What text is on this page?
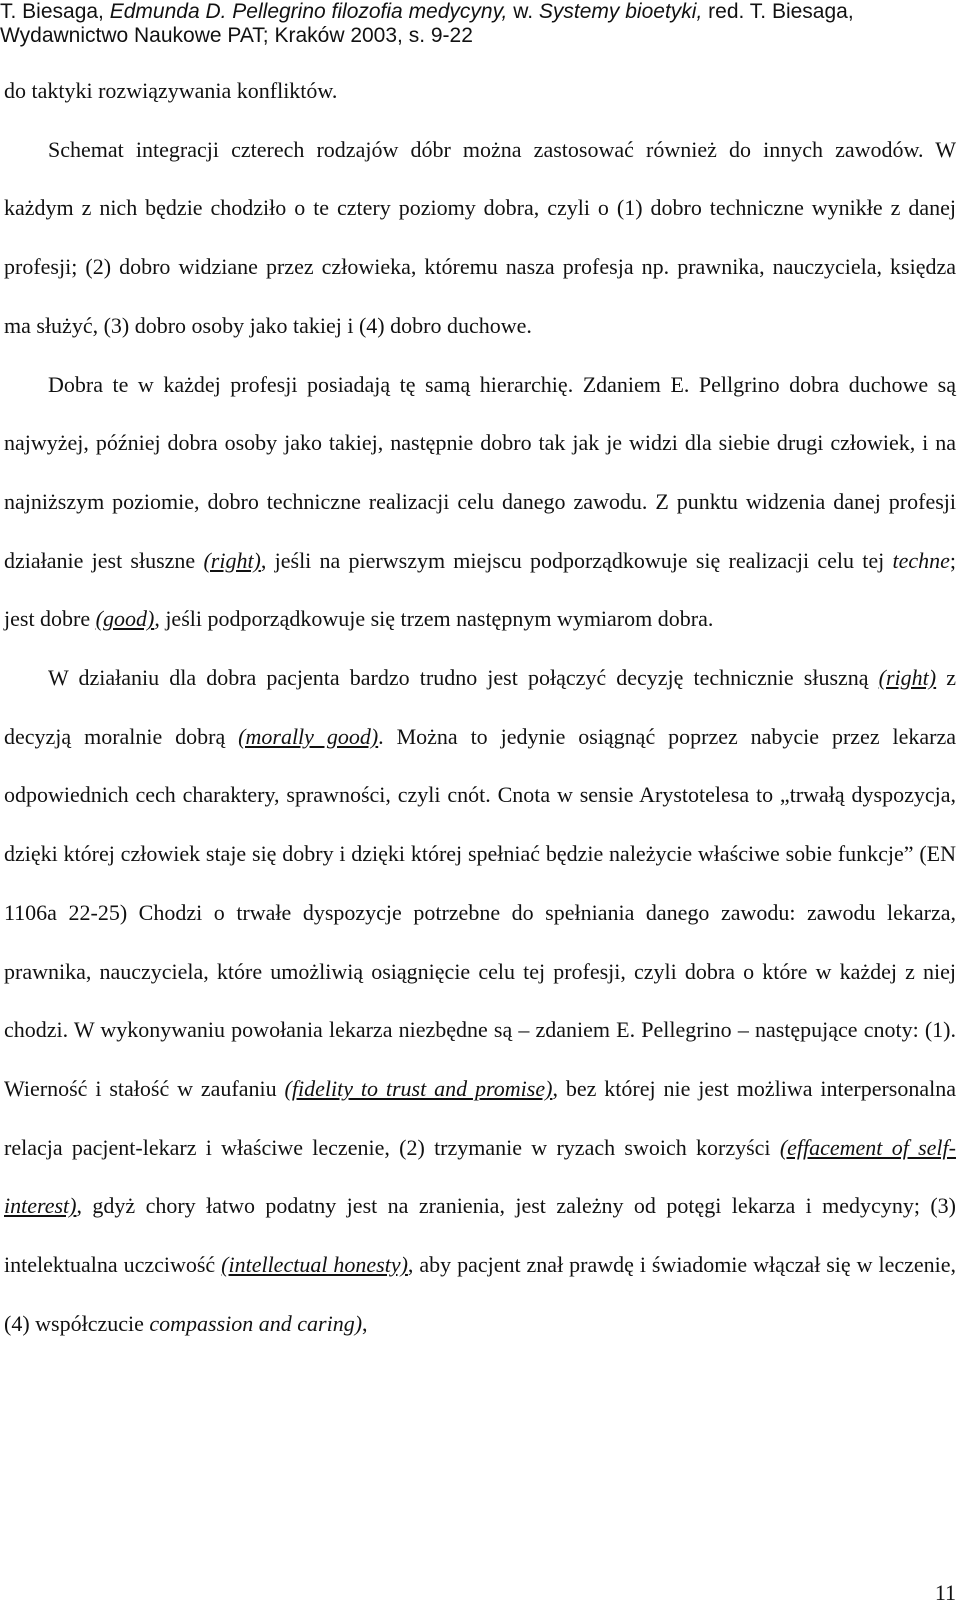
T. Biesaga, Edmunda D. Pellegrino filozofia medycyny, w. Systemy bioetyki, red. T. Biesaga,
Wydawnictwo Naukowe PAT; Kraków 2003, s. 9-22

do taktyki rozwiązywania konfliktów.

Schemat integracji czterech rodzajów dóbr można zastosować również do innych zawodów. W każdym z nich będzie chodziło o te cztery poziomy dobra, czyli o (1) dobro techniczne wynikłe z danej profesji; (2) dobro widziane przez człowieka, któremu nasza profesja np. prawnika, nauczyciela, księdza ma służyć, (3) dobro osoby jako takiej i (4) dobro duchowe.

Dobra te w każdej profesji posiadają tę samą hierarchię. Zdaniem E. Pellgrino dobra duchowe są najwyżej, później dobra osoby jako takiej, następnie dobro tak jak je widzi dla siebie drugi człowiek, i na najniższym poziomie, dobro techniczne realizacji celu danego zawodu. Z punktu widzenia danej profesji działanie jest słuszne (right), jeśli na pierwszym miejscu podporządkowuje się realizacji celu tej techne; jest dobre (good), jeśli podporządkowuje się trzem następnym wymiarom dobra.

W działaniu dla dobra pacjenta bardzo trudno jest połączyć decyzję technicznie słuszną (right) z decyzją moralnie dobrą (morally good). Można to jedynie osiągnąć poprzez nabycie przez lekarza odpowiednich cech charaktery, sprawności, czyli cnót. Cnota w sensie Arystotelesa to „trwałą dyspozycja, dzięki której człowiek staje się dobry i dzięki której spełniać będzie należycie właściwe sobie funkcje” (EN 1106a 22-25) Chodzi o trwałe dyspozycje potrzebne do spełniania danego zawodu: zawodu lekarza, prawnika, nauczyciela, które umożliwią osiągnięcie celu tej profesji, czyli dobra o które w każdej z niej chodzi. W wykonywaniu powołania lekarza niezbędne są – zdaniem E. Pellegrino – następujące cnoty: (1). Wierność i stałość w zaufaniu (fidelity to trust and promise), bez której nie jest możliwa interpersonalna relacja pacjent-lekarz i właściwe leczenie, (2) trzymanie w ryzach swoich korzyści (effacement of self-interest), gdyż chory łatwo podatny jest na zranienia, jest zależny od potęgi lekarza i medycyny; (3) intelektualna uczciwość (intellectual honesty), aby pacjent znał prawdę i świadomie włączał się w leczenie, (4) współczucie compassion and caring),

11
